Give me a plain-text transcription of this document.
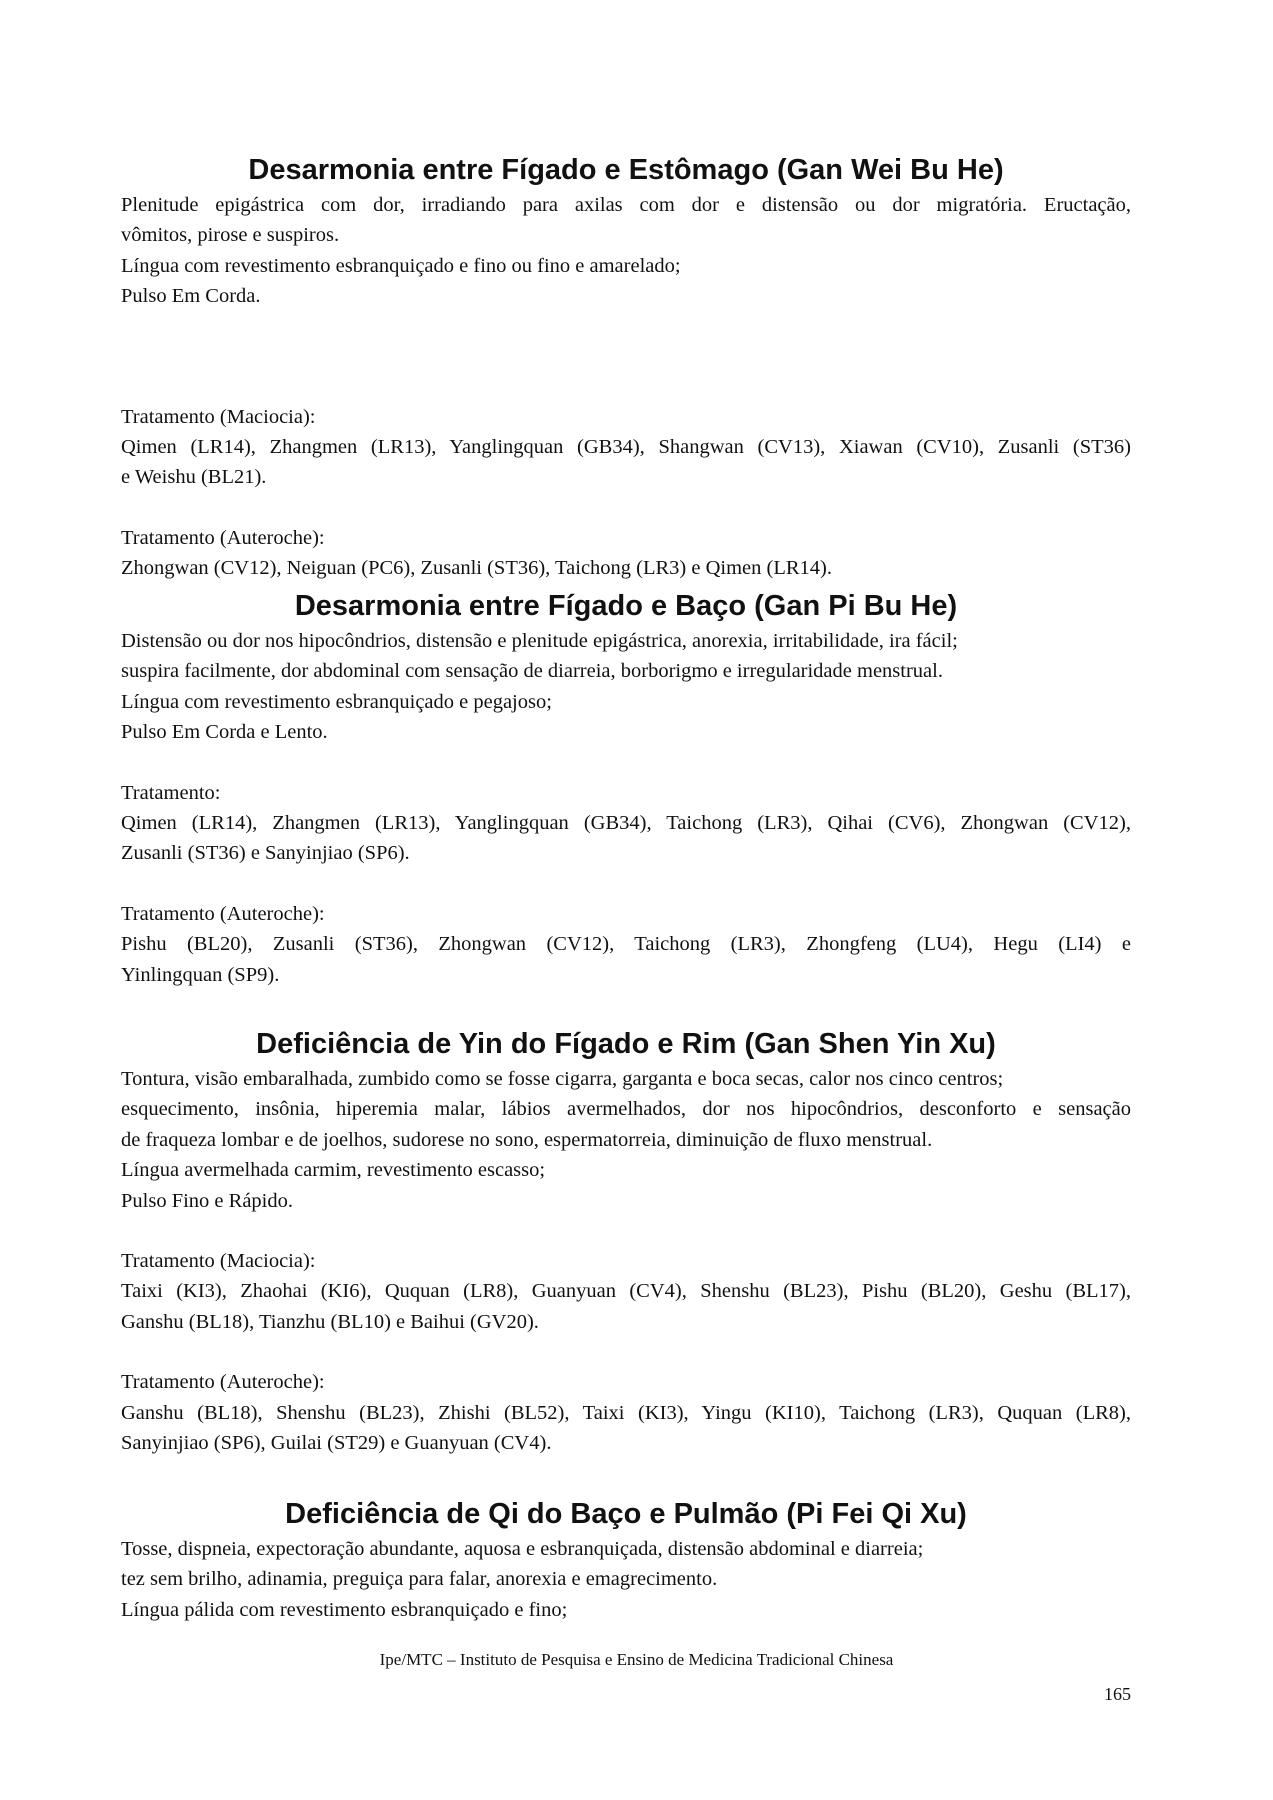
Desarmonia entre Fígado e Estômago (Gan Wei Bu He)
Plenitude epigástrica com dor, irradiando para axilas com dor e distensão ou dor migratória. Eructação,
vômitos, pirose e suspiros.
Língua com revestimento esbranquiçado e fino ou fino e amarelado;
Pulso Em Corda.
Tratamento (Maciocia):
Qimen (LR14), Zhangmen (LR13), Yanglingquan (GB34), Shangwan (CV13), Xiawan (CV10), Zusanli (ST36)
e Weishu (BL21).
Tratamento (Auteroche):
Zhongwan (CV12), Neiguan (PC6), Zusanli (ST36), Taichong (LR3) e Qimen (LR14).
Desarmonia entre Fígado e Baço (Gan Pi Bu He)
Distensão ou dor nos hipocôndrios, distensão e plenitude epigástrica, anorexia, irritabilidade, ira fácil;
suspira facilmente, dor abdominal com sensação de diarreia, borborigmo e irregularidade menstrual.
Língua com revestimento esbranquiçado e pegajoso;
Pulso Em Corda e Lento.
Tratamento:
Qimen (LR14), Zhangmen (LR13), Yanglingquan (GB34), Taichong (LR3), Qihai (CV6), Zhongwan (CV12),
Zusanli (ST36) e Sanyinjiao (SP6).
Tratamento (Auteroche):
Pishu (BL20), Zusanli (ST36), Zhongwan (CV12), Taichong (LR3), Zhongfeng (LU4), Hegu (LI4) e
Yinlingquan (SP9).
Deficiência de Yin do Fígado e Rim (Gan Shen Yin Xu)
Tontura, visão embaralhada, zumbido como se fosse cigarra, garganta e boca secas, calor nos cinco centros;
esquecimento, insônia, hiperemia malar, lábios avermelhados, dor nos hipocôndrios, desconforto e sensação
de fraqueza lombar e de joelhos, sudorese no sono, espermatorreia, diminuição de fluxo menstrual.
Língua avermelhada carmim, revestimento escasso;
Pulso Fino e Rápido.
Tratamento (Maciocia):
Taixi (KI3), Zhaohai (KI6), Ququan (LR8), Guanyuan (CV4), Shenshu (BL23), Pishu (BL20), Geshu (BL17),
Ganshu (BL18), Tianzhu (BL10) e Baihui (GV20).
Tratamento (Auteroche):
Ganshu (BL18), Shenshu (BL23), Zhishi (BL52), Taixi (KI3), Yingu (KI10), Taichong (LR3), Ququan (LR8),
Sanyinjiao (SP6), Guilai (ST29) e Guanyuan (CV4).
Deficiência de Qi do Baço e Pulmão (Pi Fei Qi Xu)
Tosse, dispneia, expectoração abundante, aquosa e esbranquiçada, distensão abdominal e diarreia;
tez sem brilho, adinamia, preguiça para falar, anorexia e emagrecimento.
Língua pálida com revestimento esbranquiçado e fino;
Ipe/MTC – Instituto de Pesquisa e Ensino de Medicina Tradicional Chinesa
165
